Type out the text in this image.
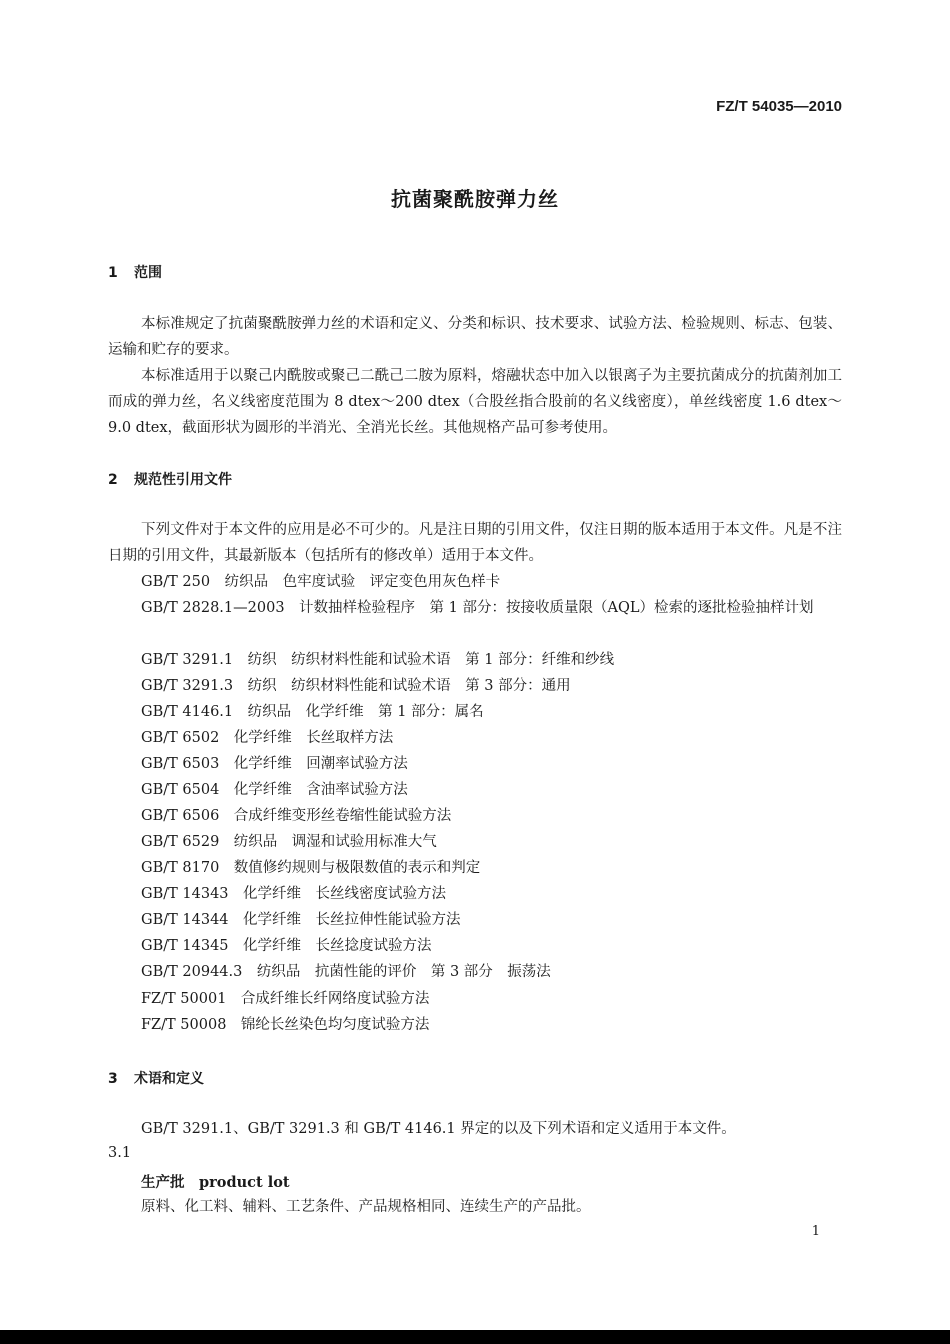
FZ/T 54035—2010
抗菌聚酰胺弹力丝
1 范围
本标准规定了抗菌聚酰胺弹力丝的术语和定义、分类和标识、技术要求、试验方法、检验规则、标志、包装、运输和贮存的要求。
本标准适用于以聚己内酰胺或聚己二酰己二胺为原料，熔融状态中加入以银离子为主要抗菌成分的抗菌剂加工而成的弹力丝，名义线密度范围为 8 dtex～200 dtex（合股丝指合股前的名义线密度），单丝线密度 1.6 dtex～9.0 dtex，截面形状为圆形的半消光、全消光长丝。其他规格产品可参考使用。
2 规范性引用文件
下列文件对于本文件的应用是必不可少的。凡是注日期的引用文件，仅注日期的版本适用于本文件。凡是不注日期的引用文件，其最新版本（包括所有的修改单）适用于本文件。
GB/T 250　纺织品　色牢度试验　评定变色用灰色样卡
GB/T 2828.1—2003　计数抽样检验程序　第 1 部分：按接收质量限（AQL）检索的逐批检验抽样计划
GB/T 3291.1　纺织　纺织材料性能和试验术语　第 1 部分：纤维和纱线
GB/T 3291.3　纺织　纺织材料性能和试验术语　第 3 部分：通用
GB/T 4146.1　纺织品　化学纤维　第 1 部分：属名
GB/T 6502　化学纤维　长丝取样方法
GB/T 6503　化学纤维　回潮率试验方法
GB/T 6504　化学纤维　含油率试验方法
GB/T 6506　合成纤维变形丝卷缩性能试验方法
GB/T 6529　纺织品　调湿和试验用标准大气
GB/T 8170　数值修约规则与极限数值的表示和判定
GB/T 14343　化学纤维　长丝线密度试验方法
GB/T 14344　化学纤维　长丝拉伸性能试验方法
GB/T 14345　化学纤维　长丝捻度试验方法
GB/T 20944.3　纺织品　抗菌性能的评价　第 3 部分　振荡法
FZ/T 50001　合成纤维长纤网络度试验方法
FZ/T 50008　锦纶长丝染色均匀度试验方法
3 术语和定义
GB/T 3291.1、GB/T 3291.3 和 GB/T 4146.1 界定的以及下列术语和定义适用于本文件。
3.1
生产批　product lot
原料、化工料、辅料、工艺条件、产品规格相同、连续生产的产品批。
1
